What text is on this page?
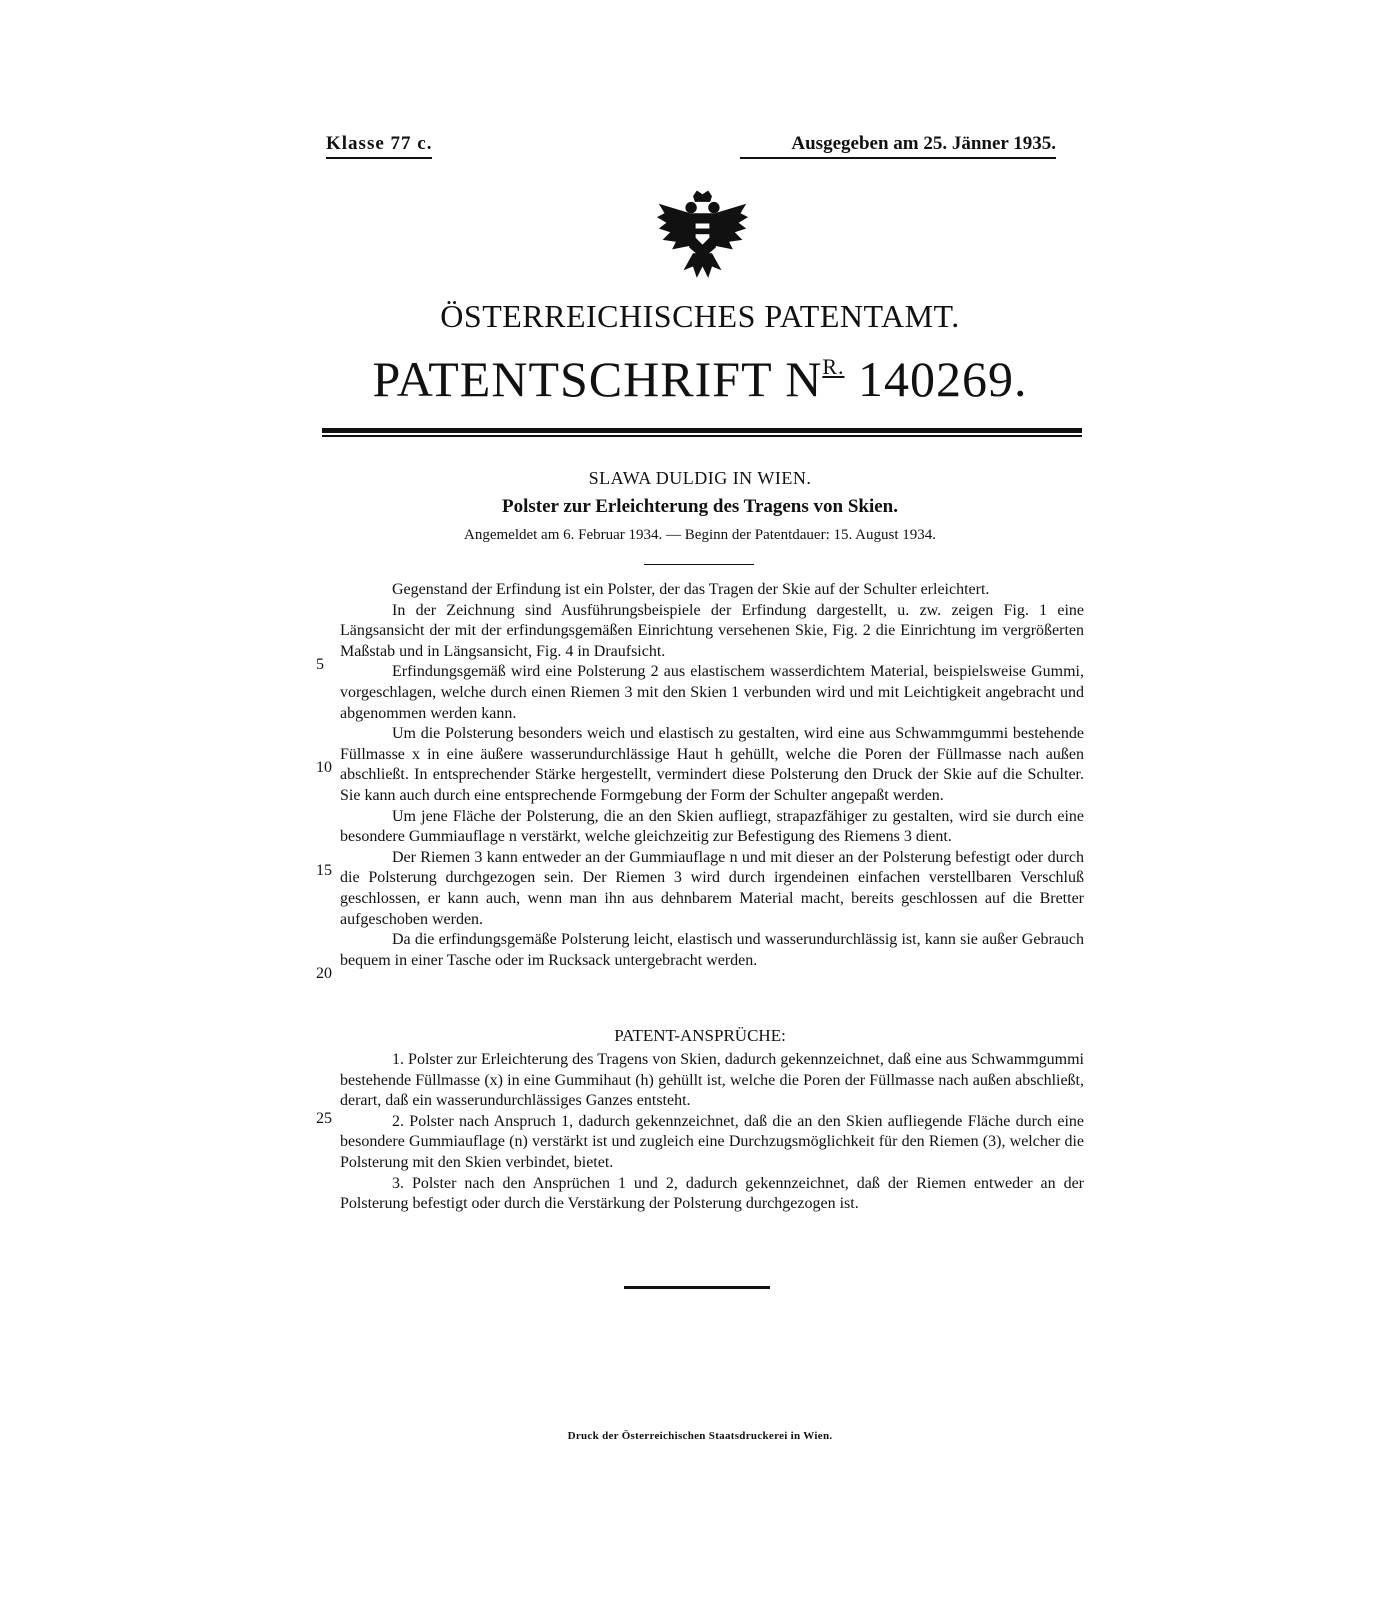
Klasse 77 c.	Ausgegeben am 25. Jänner 1935.
ÖSTERREICHISCHES PATENTAMT.
PATENTSCHRIFT $N^{R.}$ 140269.
SLAWA DULDIG IN WIEN.
Polster zur Erleichterung des Tragens von Skien.
Angemeldet am 6. Februar 1934. — Beginn der Patentdauer: 15. August 1934.

Gegenstand der Erfindung ist ein Polster, der das Tragen der Skie auf der Schulter erleichtert.

In der Zeichnung sind Ausführungsbeispiele der Erfindung dargestellt, u. zw. zeigen Fig. 1 eine Längsansicht der mit der erfindungsgemäßen Einrichtung versehenen Skie, Fig. 2 die Einrichtung im vergrößerten Maßstab und in Längsansicht, Fig. 4 in Draufsicht.

Erfindungsgemäß wird eine Polsterung 2 aus elastischem wasserdichtem Material, beispielsweise Gummi, vorgeschlagen, welche durch einen Riemen 3 mit den Skien 1 verbunden wird und mit Leichtigkeit angebracht und abgenommen werden kann.

Um die Polsterung besonders weich und elastisch zu gestalten, wird eine aus Schwammgummi bestehende Füllmasse x in eine äußere wasserundurchlässige Haut h gehüllt, welche die Poren der Füllmasse nach außen abschließt. In entsprechender Stärke hergestellt, vermindert diese Polsterung den Druck der Skie auf die Schulter. Sie kann auch durch eine entsprechende Formgebung der Form der Schulter angepaßt werden.

Um jene Fläche der Polsterung, die an den Skien aufliegt, strapazfähiger zu gestalten, wird sie durch eine besondere Gummiauflage n verstärkt, welche gleichzeitig zur Befestigung des Riemens 3 dient.

Der Riemen 3 kann entweder an der Gummiauflage n und mit dieser an der Polsterung befestigt oder durch die Polsterung durchgezogen sein. Der Riemen 3 wird durch irgendeinen einfachen verstellbaren Verschluß geschlossen, er kann auch, wenn man ihn aus dehnbarem Material macht, bereits geschlossen auf die Bretter aufgeschoben werden.

Da die erfindungsgemäße Polsterung leicht, elastisch und wasserundurchlässig ist, kann sie außer Gebrauch bequem in einer Tasche oder im Rucksack untergebracht werden.

5
10
15
20
25
PATENT-ANSPRÜCHE:

1. Polster zur Erleichterung des Tragens von Skien, dadurch gekennzeichnet, daß eine aus Schwammgummi bestehende Füllmasse (x) in eine Gummihaut (h) gehüllt ist, welche die Poren der Füllmasse nach außen abschließt, derart, daß ein wasserundurchlässiges Ganzes entsteht.

2. Polster nach Anspruch 1, dadurch gekennzeichnet, daß die an den Skien aufliegende Fläche durch eine besondere Gummiauflage (n) verstärkt ist und zugleich eine Durchzugsmöglichkeit für den Riemen (3), welcher die Polsterung mit den Skien verbindet, bietet.

3. Polster nach den Ansprüchen 1 und 2, dadurch gekennzeichnet, daß der Riemen entweder an der Polsterung befestigt oder durch die Verstärkung der Polsterung durchgezogen ist.

Druck der Österreichischen Staatsdruckerei in Wien.
